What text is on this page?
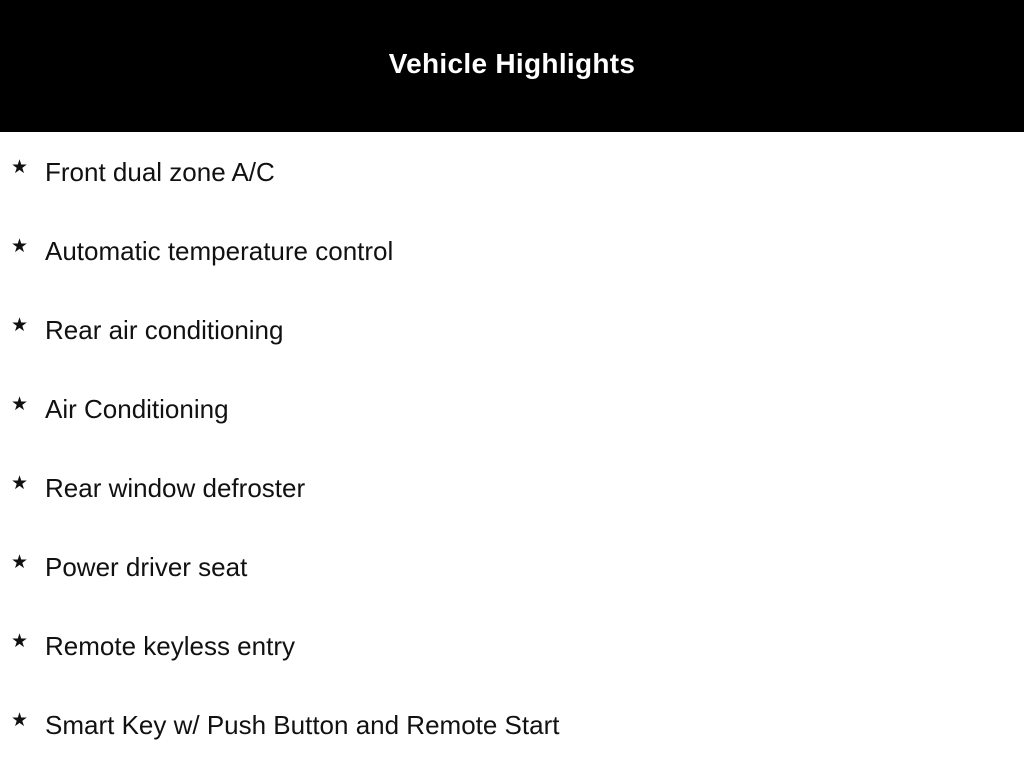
Vehicle Highlights
★ Front dual zone A/C
★ Automatic temperature control
★ Rear air conditioning
★ Air Conditioning
★ Rear window defroster
★ Power driver seat
★ Remote keyless entry
★ Smart Key w/ Push Button and Remote Start
